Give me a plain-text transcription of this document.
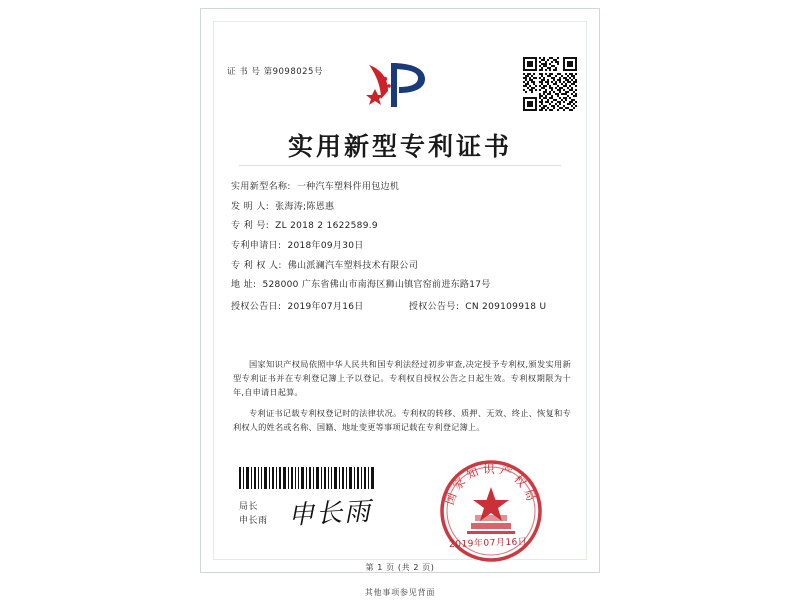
证 书 号 第9098025号
实用新型专利证书
实用新型名称: 一种汽车塑料件用包边机
发 明 人: 张海涛;陈恩惠
专 利 号: ZL 2018 2 1622589.9
专利申请日: 2018年09月30日
专 利 权 人: 佛山派澜汽车塑料技术有限公司
地 址: 528000 广东省佛山市南海区狮山镇官窑前进东路17号
授权公告日: 2019年07月16日	授权公告号: CN 209109918 U

国家知识产权局依照中华人民共和国专利法经过初步审查,决定授予专利权,颁发实用新型专利证书并在专利登记簿上予以登记。专利权自授权公告之日起生效。专利权期限为十年,自申请日起算。

专利证书记载专利权登记时的法律状况。专利权的转移、质押、无效、终止、恢复和专利权人的姓名或名称、国籍、地址变更等事项记载在专利登记簿上。

局长
申长雨 申长雨	国家知识产权局
2019年07月16日
第 1 页 (共 2 页)
其他事项参见背面
